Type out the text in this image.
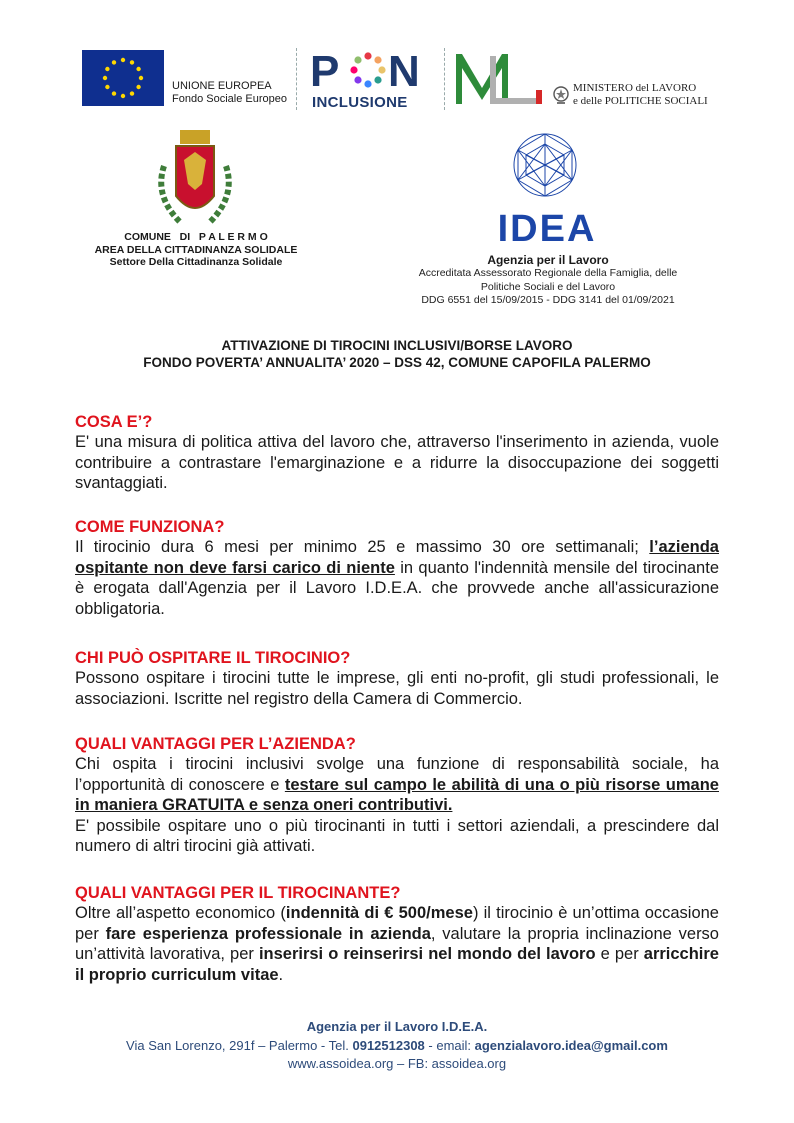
UNIONE EUROPEA
Fondo Sociale Europeo
P N
INCLUSIONE
MINISTERO del LAVORO
e delle POLITICHE SOCIALI
COMUNE   DI   P A L E R M O
AREA DELLA CITTADINANZA SOLIDALE
Settore Della Cittadinanza Solidale
IDEA
Agenzia per il Lavoro
Accreditata Assessorato Regionale della Famiglia, delle
Politiche Sociali e del Lavoro
DDG 6551 del 15/09/2015 - DDG 3141 del 01/09/2021
ATTIVAZIONE DI TIROCINI INCLUSIVI/BORSE LAVORO
FONDO POVERTA’ ANNUALITA’ 2020 – DSS 42, COMUNE CAPOFILA PALERMO
COSA E’?

E' una misura di politica attiva del lavoro che, attraverso l'inserimento in azienda, vuole contribuire a contrastare l'emarginazione e a ridurre la disoccupazione dei soggetti svantaggiati.

COME FUNZIONA?

Il tirocinio dura 6 mesi per minimo 25 e massimo 30 ore settimanali; l’azienda ospitante non deve farsi carico di niente in quanto l'indennità mensile del tirocinante è erogata dall'Agenzia per il Lavoro I.D.E.A. che provvede anche all'assicurazione obbligatoria.

CHI PUÒ OSPITARE IL TIROCINIO?

Possono ospitare i tirocini tutte le imprese, gli enti no-profit, gli studi professionali, le associazioni. Iscritte nel registro della Camera di Commercio.

QUALI VANTAGGI PER L’AZIENDA?

Chi ospita i tirocini inclusivi svolge una funzione di responsabilità sociale, ha l’opportunità di conoscere e testare sul campo le abilità di una o più risorse umane in maniera GRATUITA e senza oneri contributivi.

E' possibile ospitare uno o più tirocinanti in tutti i settori aziendali, a prescindere dal numero di altri tirocini già attivati.

QUALI VANTAGGI PER IL TIROCINANTE?

Oltre all’aspetto economico (indennità di € 500/mese) il tirocinio è un’ottima occasione per fare esperienza professionale in azienda, valutare la propria inclinazione verso un’attività lavorativa, per inserirsi o reinserirsi nel mondo del lavoro e per arricchire il proprio curriculum vitae.

Agenzia per il Lavoro I.D.E.A.
Via San Lorenzo, 291f – Palermo - Tel. 0912512308 - email: agenzialavoro.idea@gmail.com
www.assoidea.org – FB: assoidea.org
